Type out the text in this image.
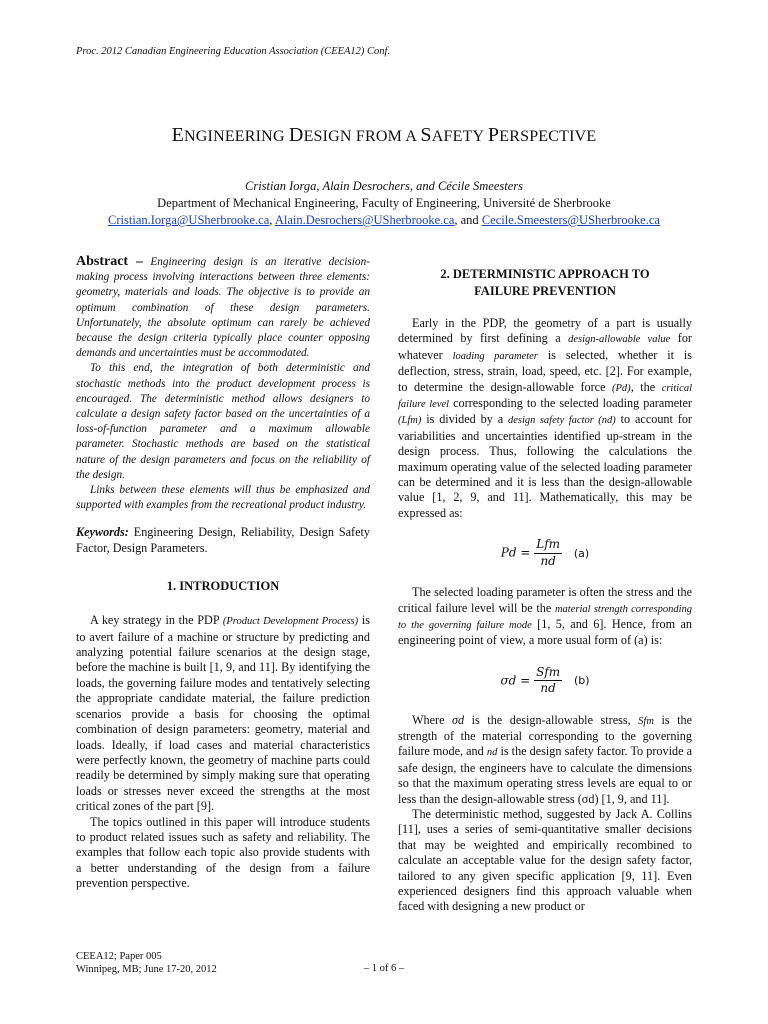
Proc. 2012 Canadian Engineering Education Association (CEEA12) Conf.
ENGINEERING DESIGN FROM A SAFETY PERSPECTIVE
Cristian Iorga, Alain Desrochers, and Cécile Smeesters
Department of Mechanical Engineering, Faculty of Engineering, Université de Sherbrooke
Cristian.Iorga@USherbrooke.ca, Alain.Desrochers@USherbrooke.ca, and Cecile.Smeesters@USherbrooke.ca

Abstract – Engineering design is an iterative decision-making process involving interactions between three elements: geometry, materials and loads. The objective is to provide an optimum combination of these design parameters. Unfortunately, the absolute optimum can rarely be achieved because the design criteria typically place counter opposing demands and uncertainties must be accommodated.

To this end, the integration of both deterministic and stochastic methods into the product development process is encouraged. The deterministic method allows designers to calculate a design safety factor based on the uncertainties of a loss-of-function parameter and a maximum allowable parameter. Stochastic methods are based on the statistical nature of the design parameters and focus on the reliability of the design.

Links between these elements will thus be emphasized and supported with examples from the recreational product industry.

Keywords: Engineering Design, Reliability, Design Safety Factor, Design Parameters.

1. INTRODUCTION

A key strategy in the PDP (Product Development Process) is to avert failure of a machine or structure by predicting and analyzing potential failure scenarios at the design stage, before the machine is built [1, 9, and 11]. By identifying the loads, the governing failure modes and tentatively selecting the appropriate candidate material, the failure prediction scenarios provide a basis for choosing the optimal combination of design parameters: geometry, material and loads. Ideally, if load cases and material characteristics were perfectly known, the geometry of machine parts could readily be determined by simply making sure that operating loads or stresses never exceed the strengths at the most critical zones of the part [9].

The topics outlined in this paper will introduce students to product related issues such as safety and reliability. The examples that follow each topic also provide students with a better understanding of the design from a failure prevention perspective.

2. DETERMINISTIC APPROACH TO
FAILURE PREVENTION

Early in the PDP, the geometry of a part is usually determined by first defining a design-allowable value for whatever loading parameter is selected, whether it is deflection, stress, strain, load, speed, etc. [2]. For example, to determine the design-allowable force (Pd), the critical failure level corresponding to the selected loading parameter (Lfm) is divided by a design safety factor (nd) to account for variabilities and uncertainties identified up-stream in the design process. Thus, following the calculations the maximum operating value of the selected loading parameter can be determined and it is less than the design-allowable value [1, 2, 9, and 11]. Mathematically, this may be expressed as:

$Pd = \frac{\text{Lfm}}{nd} (a)$

The selected loading parameter is often the stress and the critical failure level will be the material strength corresponding to the governing failure mode [1, 5, and 6]. Hence, from an engineering point of view, a more usual form of (a) is:

$\sigma d = \frac{\text{Sfm}}{nd} (b)$

Where σd is the design-allowable stress, Sfm is the strength of the material corresponding to the governing failure mode, and nd is the design safety factor. To provide a safe design, the engineers have to calculate the dimensions so that the maximum operating stress levels are equal to or less than the design-allowable stress (σd) [1, 9, and 11].

The deterministic method, suggested by Jack A. Collins [11], uses a series of semi-quantitative smaller decisions that may be weighted and empirically recombined to calculate an acceptable value for the design safety factor, tailored to any given specific application [9, 11]. Even experienced designers find this approach valuable when faced with designing a new product or

CEEA12; Paper 005
Winnipeg, MB; June 17-20, 2012	– 1 of 6 –
